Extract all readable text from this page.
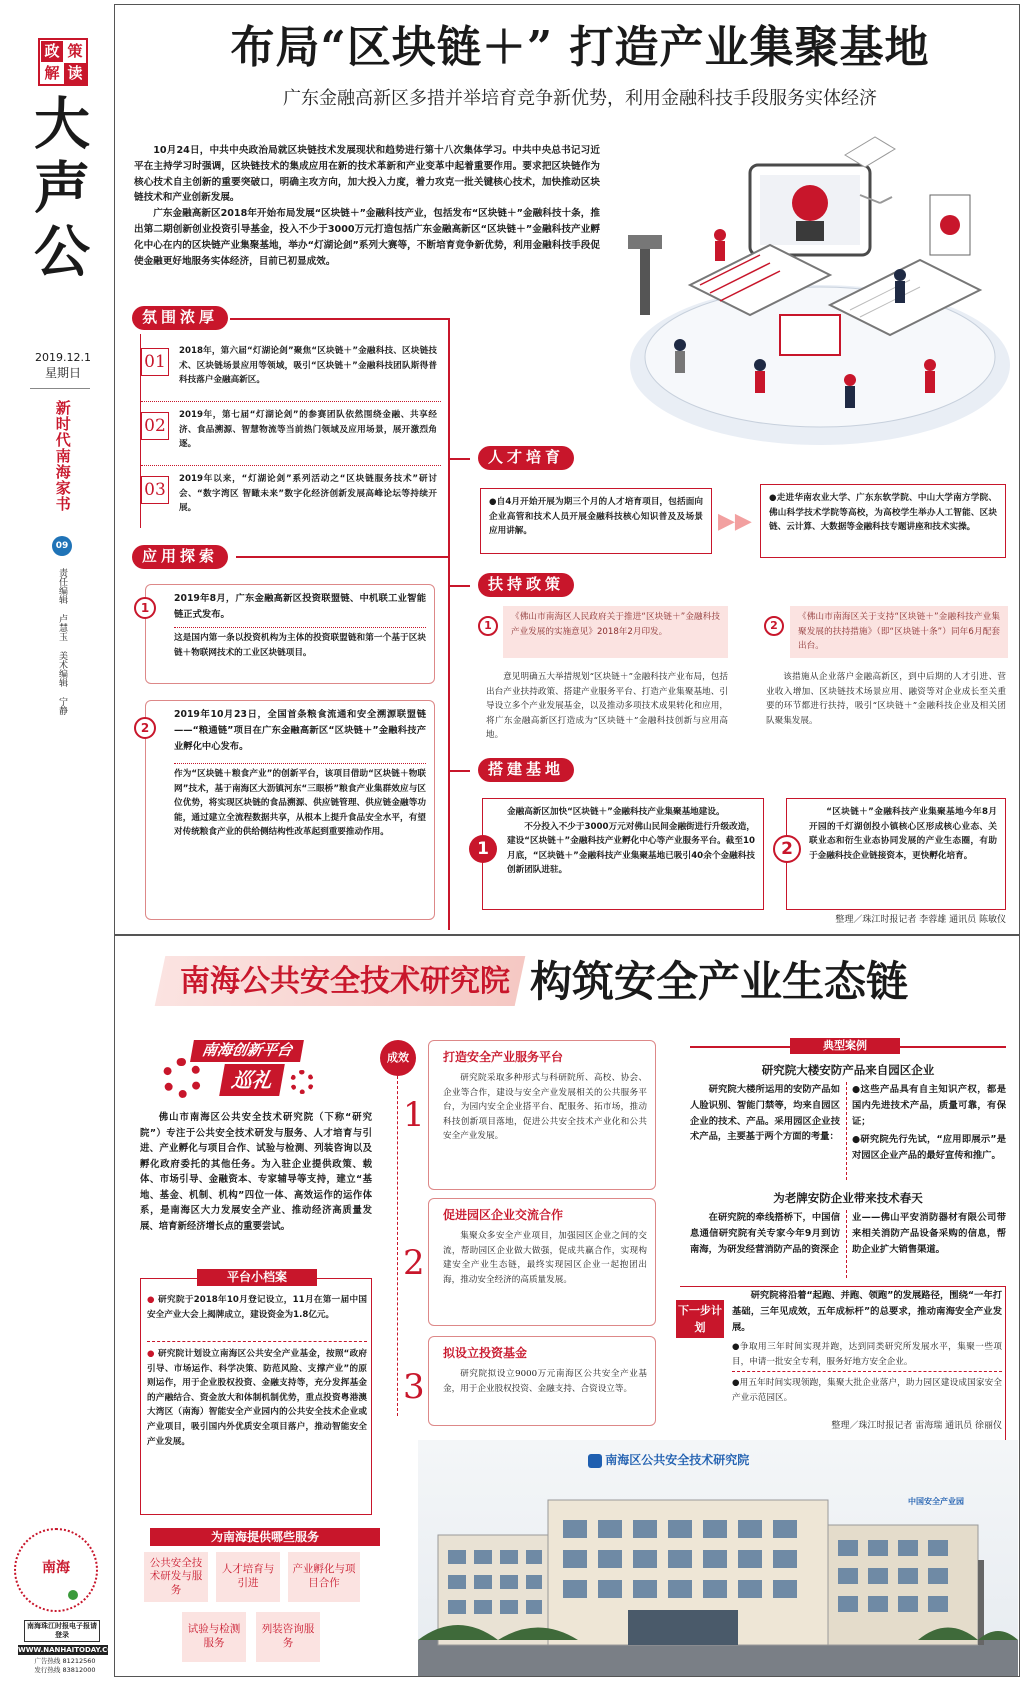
政 策
解 读
大声公
2019.12.1
星期日
新时代南海家书
09
责任编辑 卢慧玉 美术编辑 宁静
南海
南海珠江时报电子报请登录
WWW.NANHAITODAY.COM
广告热线 81212560
发行热线 83812000
布局“区块链＋” 打造产业集聚基地
广东金融高新区多措并举培育竞争新优势，利用金融科技手段服务实体经济

10月24日，中共中央政治局就区块链技术发展现状和趋势进行第十八次集体学习。中共中央总书记习近平在主持学习时强调，区块链技术的集成应用在新的技术革新和产业变革中起着重要作用。要求把区块链作为核心技术自主创新的重要突破口，明确主攻方向，加大投入力度，着力攻克一批关键核心技术，加快推动区块链技术和产业创新发展。

广东金融高新区2018年开始布局发展“区块链＋”金融科技产业，包括发布“区块链＋”金融科技十条，推出第二期创新创业投资引导基金，投入不少于3000万元打造包括广东金融高新区“区块链＋”金融科技产业孵化中心在内的区块链产业集聚基地，举办“灯湖论剑”系列大赛等，不断培育竞争新优势，利用金融科技手段促使金融更好地服务实体经济，目前已初显成效。

氛围浓厚
01
2018年，第六届“灯湖论剑”聚焦“区块链＋”金融科技、区块链技术、区块链场景应用等领域，吸引“区块链＋”金融科技团队斯得普科技落户金融高新区。
02
2019年，第七届“灯湖论剑”的参赛团队依然围绕金融、共享经济、食品溯源、智慧物流等当前热门领域及应用场景，展开激烈角逐。
03
2019年以来，“灯湖论剑”系列活动之“区块链服务技术”研讨会、“数字湾区 智瞰未来”数字化经济创新发展高峰论坛等持续开展。
人才培育
●自4月开始开展为期三个月的人才培育项目，包括面向企业高管和技术人员开展金融科技核心知识普及及场景应用讲解。	▶▶
●走进华南农业大学、广东东软学院、中山大学南方学院、佛山科学技术学院等高校，为高校学生举办人工智能、区块链、云计算、大数据等金融科技专题讲座和技术实操。
应用探索
1
2019年8月，广东金融高新区投资联盟链、中机联工业智能链正式发布。
这是国内第一条以投资机构为主体的投资联盟链和第一个基于区块链＋物联网技术的工业区块链项目。
2
2019年10月23日，全国首条粮食流通和安全溯源联盟链——“粮通链”项目在广东金融高新区“区块链＋”金融科技产业孵化中心发布。
作为“区块链＋粮食产业”的创新平台，该项目借助“区块链＋物联网”技术，基于南海区大沥镇河东“三眼桥”粮食产业集群效应与区位优势，将实现区块链的食品溯源、供应链管理、供应链金融等功能，通过建立全流程数据共享，从根本上提升食品安全水平，有望对传统粮食产业的供给侧结构性改革起到重要推动作用。
扶持政策
1
《佛山市南海区人民政府关于推进“区块链＋”金融科技产业发展的实施意见》2018年2月印发。	2
《佛山市南海区关于支持“区块链＋”金融科技产业集聚发展的扶持措施》（即“区块链十条”）同年6月配套出台。
意见明确五大举措规划“区块链＋”金融科技产业布局，包括出台产业扶持政策、搭建产业服务平台、打造产业集聚基地、引导设立多个产业发展基金，以及推动多项技术成果转化和应用，将广东金融高新区打造成为“区块链＋”金融科技创新与应用高地。
该措施从企业落户金融高新区，到中后期的人才引进、营业收入增加、区块链技术场景应用、融资等对企业成长至关重要的环节都进行扶持，吸引“区块链＋”金融科技企业及相关团队聚集发展。
搭建基地
1
金融高新区加快“区块链＋”金融科技产业集聚基地建设。
不分投入不少于3000万元对佛山民间金融街进行升级改造，建设“区块链＋”金融科技产业孵化中心等产业服务平台。截至10月底，“区块链＋”金融科技产业集聚基地已吸引40余个金融科技创新团队进驻。
2
“区块链＋”金融科技产业集聚基地今年8月开园的千灯湖创投小镇核心区形成核心业态、关联业态和衍生业态协同发展的产业生态圈，有助于金融科技企业链接资本，更快孵化培育。
整理／珠江时报记者 李蓉雄 通讯员 陈敏仪
南海公共安全技术研究院 构筑安全产业生态链
南海创新平台
巡礼
佛山市南海区公共安全技术研究院（下称“研究院”）专注于公共安全技术研发与服务、人才培育与引进、产业孵化与项目合作、试验与检测、列装咨询以及孵化政府委托的其他任务。为入驻企业提供政策、载体、市场引导、金融资本、专家辅导等支持，建立“基地、基金、机制、机构”四位一体、高效运作的运作体系，是南海区大力发展安全产业、推动经济高质量发展、培育新经济增长点的重要尝试。
平台小档案
● 研究院于2018年10月登记设立，11月在第一届中国安全产业大会上揭牌成立，建设资金为1.8亿元。
● 研究院计划设立南海区公共安全产业基金，按照“政府引导、市场运作、科学决策、防范风险、支撑产业”的原则运作，用于企业股权投资、金融支持等，充分发挥基金的产融结合、资金放大和体制机制优势，重点投资粤港澳大湾区（南海）智能安全产业园内的公共安全技术企业或产业项目，吸引国内外优质安全项目落户，推动智能安全产业发展。
为南海提供哪些服务
公共安全技术研发与服务
人才培育与引进
产业孵化与项目合作
试验与检测服务
列装咨询服务
成效
1
打造安全产业服务平台
研究院采取多种形式与科研院所、高校、协会、企业等合作，建设与安全产业发展相关的公共服务平台，为园内安全企业搭平台、配服务、拓市场，推动科技创新项目落地，促进公共安全技术产业化和公共安全产业发展。
2
促进园区企业交流合作
集聚众多安全产业项目，加强园区企业之间的交流，帮助园区企业做大做强，促成共赢合作，实现构建安全产业生态链，最终实现园区企业一起抱团出海，推动安全经济的高质量发展。
3
拟设立投资基金
研究院拟设立9000万元南海区公共安全产业基金，用于企业股权投资、金融支持、合资设立等。
典型案例
研究院大楼安防产品来自园区企业
研究院大楼所运用的安防产品如人脸识别、智能门禁等，均来自园区企业的技术、产品。采用园区企业技术产品，主要基于两个方面的考量：
●这些产品具有自主知识产权，都是国内先进技术产品，质量可靠，有保证；
●研究院先行先试，“应用即展示”是对园区企业产品的最好宣传和推广。
为老牌安防企业带来技术春天
在研究院的牵线搭桥下，中国信息通信研究院有关专家今年9月到访南海，为研发经营消防产品的资深企
业——佛山平安消防器材有限公司带来相关消防产品设备采购的信息，帮助企业扩大销售渠道。
下一步计划
研究院将沿着“起跑、并跑、领跑”的发展路径，围绕“一年打基础，三年见成效，五年成标杆”的总要求，推动南海安全产业发展。
●争取用三年时间实现并跑，达到同类研究所发展水平，集聚一些项目，申请一批安全专利，服务好地方安全企业。
●用五年时间实现领跑，集聚大批企业落户，助力园区建设成国家安全产业示范园区。
整理／珠江时报记者 雷海瑞 通讯员 徐丽仪
南海区公共安全技术研究院
中国安全产业园
